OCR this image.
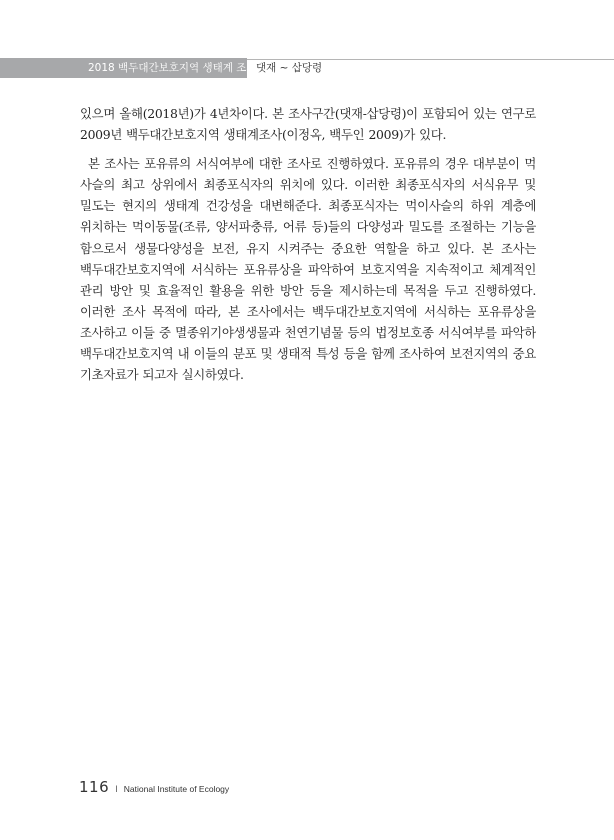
2018 백두대간보호지역 생태계 조사 댓재 ~ 삽당령
있으며 올해(2018년)가 4년차이다. 본 조사구간(댓재-삽당령)이 포함되어 있는 연구로
2009년 백두대간보호지역 생태계조사(이정옥, 백두인 2009)가 있다.
본 조사는 포유류의 서식여부에 대한 조사로 진행하였다. 포유류의 경우 대부분이 먹
사슬의 최고 상위에서 최종포식자의 위치에 있다. 이러한 최종포식자의 서식유무 및
밀도는 현지의 생태계 건강성을 대변해준다. 최종포식자는 먹이사슬의 하위 계층에
위치하는 먹이동물(조류, 양서파충류, 어류 등)들의 다양성과 밀도를 조절하는 기능을
함으로서 생물다양성을 보전, 유지 시켜주는 중요한 역할을 하고 있다. 본 조사는
백두대간보호지역에 서식하는 포유류상을 파악하여 보호지역을 지속적이고 체계적인
관리 방안 및 효율적인 활용을 위한 방안 등을 제시하는데 목적을 두고 진행하였다.
이러한 조사 목적에 따라, 본 조사에서는 백두대간보호지역에 서식하는 포유류상을
조사하고 이들 중 멸종위기야생생물과 천연기념물 등의 법정보호종 서식여부를 파악하
백두대간보호지역 내 이들의 분포 및 생태적 특성 등을 함께 조사하여 보전지역의 중요
기초자료가 되고자 실시하였다.
116 I National Institute of Ecology
